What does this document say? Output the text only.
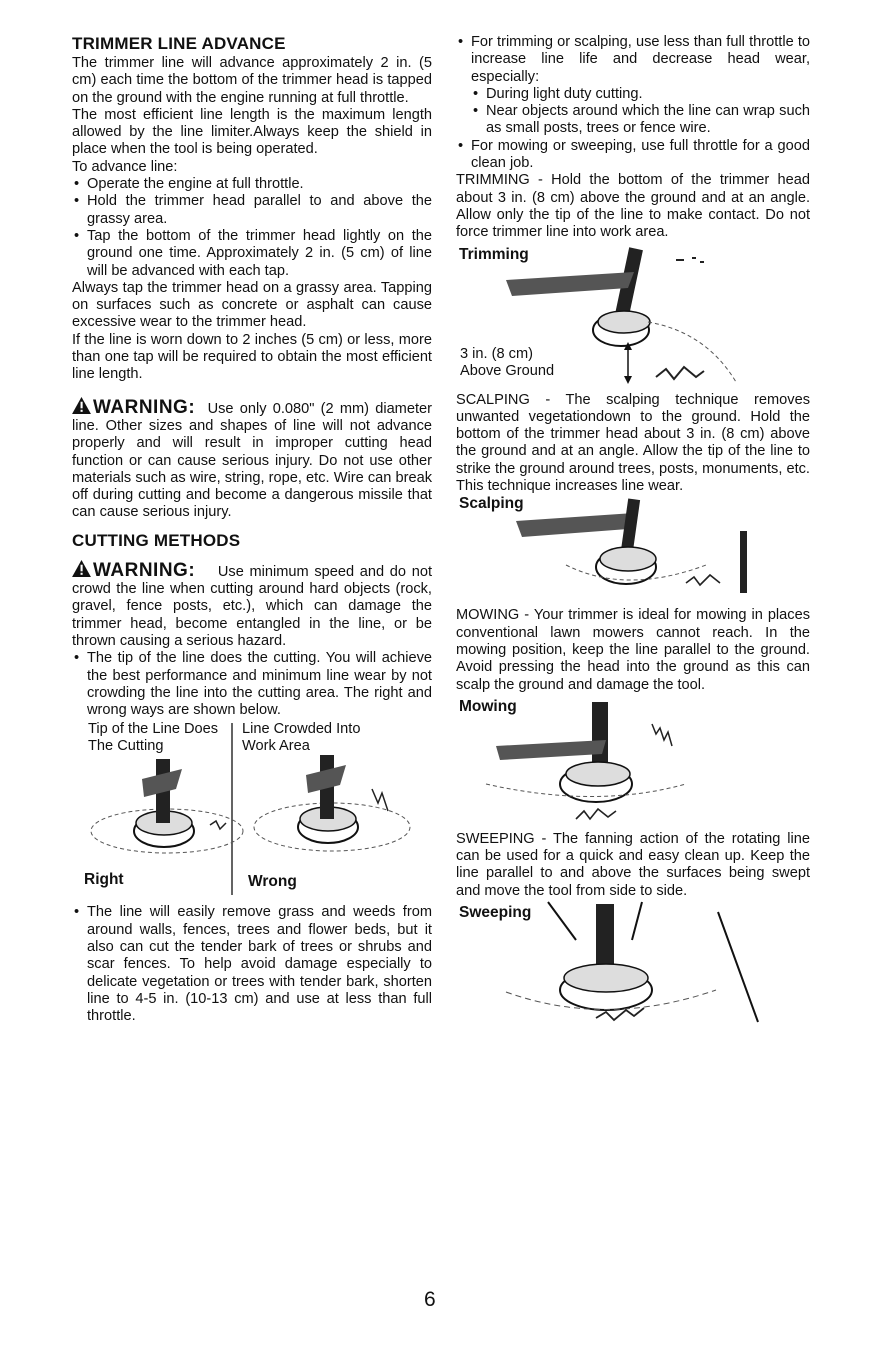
TRIMMER LINE ADVANCE

The trimmer line will advance approximately 2 in. (5 cm) each time the bottom of the trimmer head is tapped on the ground with the engine running at full throttle.

The most efficient line length is the maximum length allowed by the line limiter.Always keep the shield in place when the tool is being operated.

To advance line:

• Operate the engine at full throttle.

• Hold the trimmer head parallel to and above the grassy area.

• Tap the bottom of the trimmer head lightly on the ground one time. Approximately 2 in. (5 cm) of line will be advanced with each tap.

Always tap the trimmer head on a grassy area. Tapping on surfaces such as concrete or asphalt can cause excessive wear to the trimmer head.

If the line is worn down to 2 inches (5 cm) or less, more than one tap will be required to obtain the most efficient line length.

WARNING: Use only 0.080" (2 mm) diameter line. Other sizes and shapes of line will not advance properly and will result in improper cutting head function or can cause serious injury. Do not use other materials such as wire, string, rope, etc. Wire can break off during cutting and become a dangerous missile that can cause serious injury.

CUTTING METHODS

WARNING: Use minimum speed and do not crowd the line when cutting around hard objects (rock, gravel, fence posts, etc.), which can damage the trimmer head, become entangled in the line, or be thrown causing a serious hazard.

• The tip of the line does the cutting. You will achieve the best performance and minimum line wear by not crowding the line into the cutting area. The right and wrong ways are shown below.

Tip of the Line Does The Cutting
Line Crowded Into Work Area
Right	Wrong

• The line will easily remove grass and weeds from around walls, fences, trees and flower beds, but it also can cut the tender bark of trees or shrubs and scar fences. To help avoid damage especially to delicate vegetation or trees with tender bark, shorten line to 4-5 in. (10-13 cm) and use at less than full throttle.

• For trimming or scalping, use less than full throttle to increase line life and decrease head wear, especially:

• During light duty cutting.

• Near objects around which the line can wrap such as small posts, trees or fence wire.

• For mowing or sweeping, use full throttle for a good clean job.

TRIMMING - Hold the bottom of the trimmer head about 3 in. (8 cm) above the ground and at an angle. Allow only the tip of the line to make contact. Do not force trimmer line into work area.

Trimming
3 in. (8 cm)
Above Ground

SCALPING - The scalping technique removes unwanted vegetationdown to the ground. Hold the bottom of the trimmer head about 3 in. (8 cm) above the ground and at an angle. Allow the tip of the line to strike the ground around trees, posts, monuments, etc. This technique increases line wear.

Scalping

MOWING - Your trimmer is ideal for mowing in places conventional lawn mowers cannot reach. In the mowing position, keep the line parallel to the ground. Avoid pressing the head into the ground as this can scalp the ground and damage the tool.

Mowing

SWEEPING - The fanning action of the rotating line can be used for a quick and easy clean up. Keep the line parallel to and above the surfaces being swept and move the tool from side to side.

Sweeping
6
